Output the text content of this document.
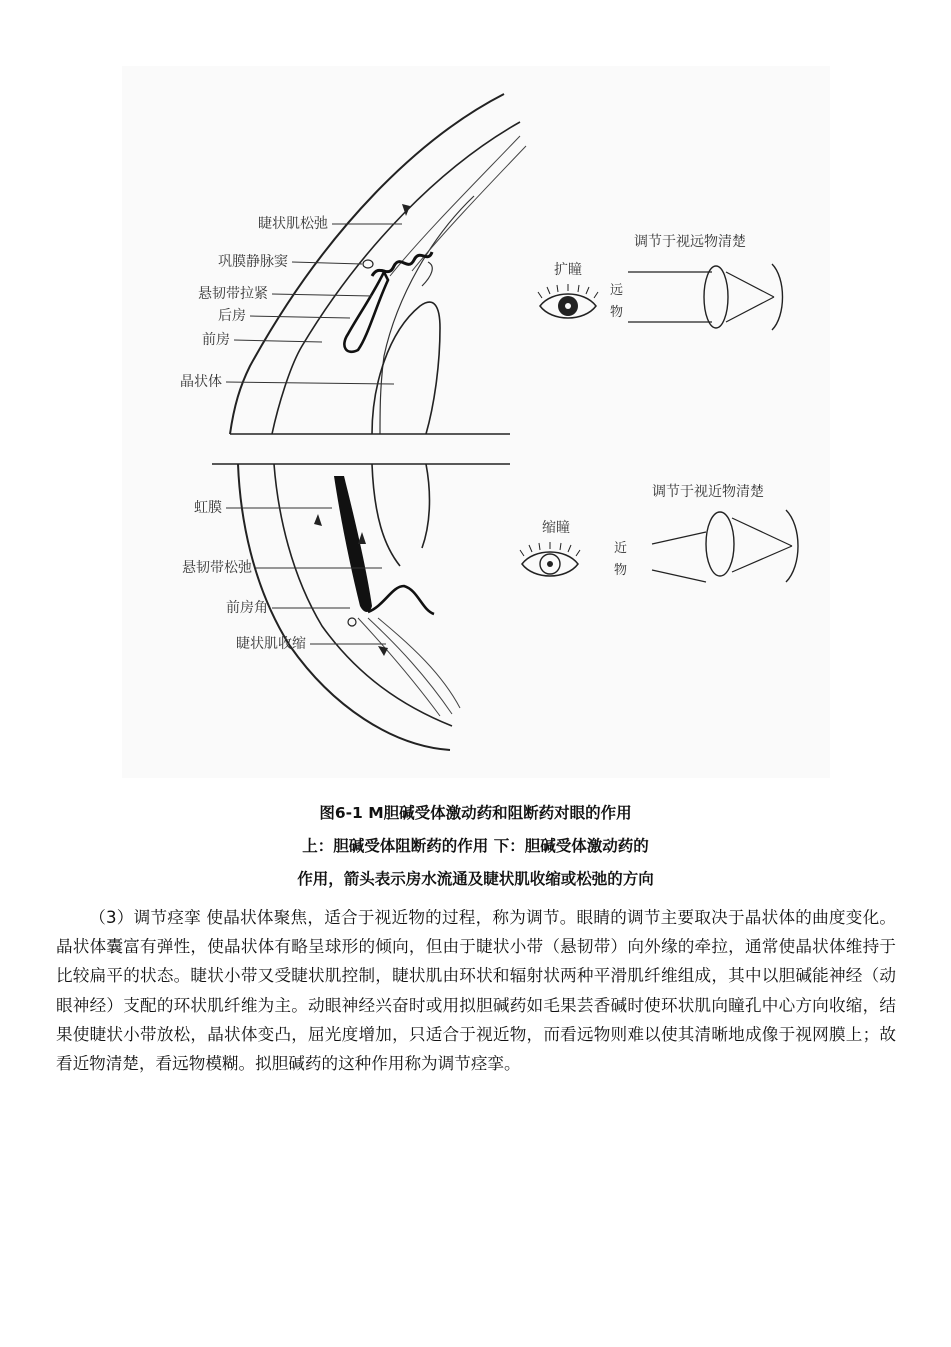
睫状肌松弛
巩膜静脉窦
悬韧带拉紧
后房
前房
晶状体
调节于视远物清楚
扩瞳
远
物
虹膜
悬韧带松弛
前房角
睫状肌收缩
调节于视近物清楚
缩瞳
近
物
图6-1 M胆碱受体激动药和阻断药对眼的作用
上：胆碱受体阻断药的作用 下：胆碱受体激动药的
作用，箭头表示房水流通及睫状肌收缩或松弛的方向
（3）调节痉挛 使晶状体聚焦，适合于视近物的过程，称为调节。眼睛的调节主要取决于晶状体的曲度变化。晶状体囊富有弹性，使晶状体有略呈球形的倾向，但由于睫状小带（悬韧带）向外缘的牵拉，通常使晶状体维持于比较扁平的状态。睫状小带又受睫状肌控制，睫状肌由环状和辐射状两种平滑肌纤维组成，其中以胆碱能神经（动眼神经）支配的环状肌纤维为主。动眼神经兴奋时或用拟胆碱药如毛果芸香碱时使环状肌向瞳孔中心方向收缩，结果使睫状小带放松，晶状体变凸，屈光度增加，只适合于视近物，而看远物则难以使其清晰地成像于视网膜上；故看近物清楚，看远物模糊。拟胆碱药的这种作用称为调节痉挛。
